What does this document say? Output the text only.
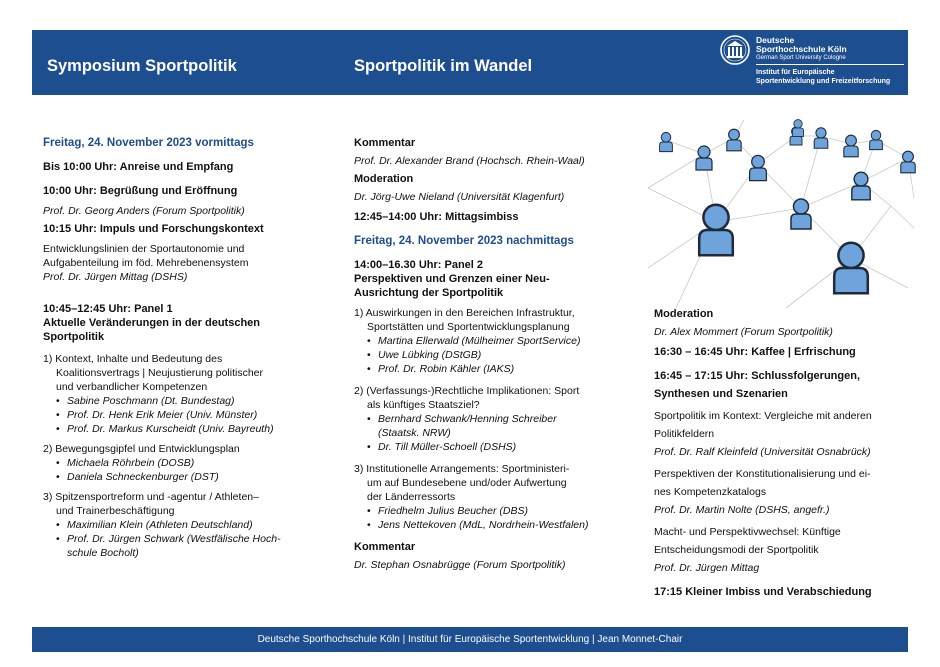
Symposium Sportpolitik	Sportpolitik im Wandel
Deutsche
Sporthochschule Köln
German Sport University Cologne
Institut für Europäische
Sportentwicklung und Freizeitforschung

Freitag, 24. November 2023 vormittags

Bis 10:00 Uhr: Anreise und Empfang

10:00 Uhr: Begrüßung und Eröffnung

Prof. Dr. Georg Anders (Forum Sportpolitik)

10:15 Uhr: Impuls und Forschungskontext

Entwicklungslinien der Sportautonomie und

Aufgabenteilung im föd. Mehrebenensystem

Prof. Dr. Jürgen Mittag (DSHS)

10:45–12:45 Uhr: Panel 1

Aktuelle Veränderungen in der deutschen

Sportpolitik

1) Kontext, Inhalte und Bedeutung des

Koalitionsvertrags | Neujustierung politischer

und verbandlicher Kompetenzen

• Sabine Poschmann (Dt. Bundestag)
• Prof. Dr. Henk Erik Meier (Univ. Münster)
• Prof. Dr. Markus Kurscheidt (Univ. Bayreuth)

2) Bewegungsgipfel und Entwicklungsplan

• Michaela Röhrbein (DOSB)
• Daniela Schneckenburger (DST)

3) Spitzensportreform und -agentur / Athleten–

und Trainerbeschäftigung

• Maximilian Klein (Athleten Deutschland)
• Prof. Dr. Jürgen Schwark (Westfälische Hoch-
schule Bocholt)

Kommentar

Prof. Dr. Alexander Brand (Hochsch. Rhein-Waal)

Moderation

Dr. Jörg-Uwe Nieland (Universität Klagenfurt)

12:45–14:00 Uhr: Mittagsimbiss

Freitag, 24. November 2023 nachmittags

14:00–16.30 Uhr: Panel 2

Perspektiven und Grenzen einer Neu-

Ausrichtung der Sportpolitik

1) Auswirkungen in den Bereichen Infrastruktur,

Sportstätten und Sportentwicklungsplanung

• Martina Ellerwald (Mülheimer SportService)
• Uwe Lübking (DStGB)
• Prof. Dr. Robin Kähler (IAKS)

2) (Verfassungs-)Rechtliche Implikationen: Sport

als künftiges Staatsziel?

• Bernhard Schwank/Henning Schreiber
(Staatsk. NRW)
• Dr. Till Müller-Schoell (DSHS)

3) Institutionelle Arrangements: Sportministeri-

um auf Bundesebene und/oder Aufwertung

der Länderressorts

• Friedhelm Julius Beucher (DBS)
• Jens Nettekoven (MdL, Nordrhein-Westfalen)

Kommentar

Dr. Stephan Osnabrügge (Forum Sportpolitik)

Moderation

Dr. Alex Mommert (Forum Sportpolitik)

16:30 – 16:45 Uhr: Kaffee | Erfrischung

16:45 – 17:15 Uhr: Schlussfolgerungen,

Synthesen und Szenarien

Sportpolitik im Kontext: Vergleiche mit anderen

Politikfeldern

Prof. Dr. Ralf Kleinfeld (Universität Osnabrück)

Perspektiven der Konstitutionalisierung und ei-

nes Kompetenzkatalogs

Prof. Dr. Martin Nolte (DSHS, angefr.)

Macht- und Perspektivwechsel: Künftige

Entscheidungsmodi der Sportpolitik

Prof. Dr. Jürgen Mittag

17:15 Kleiner Imbiss und Verabschiedung

Deutsche Sporthochschule Köln | Institut für Europäische Sportentwicklung | Jean Monnet-Chair
